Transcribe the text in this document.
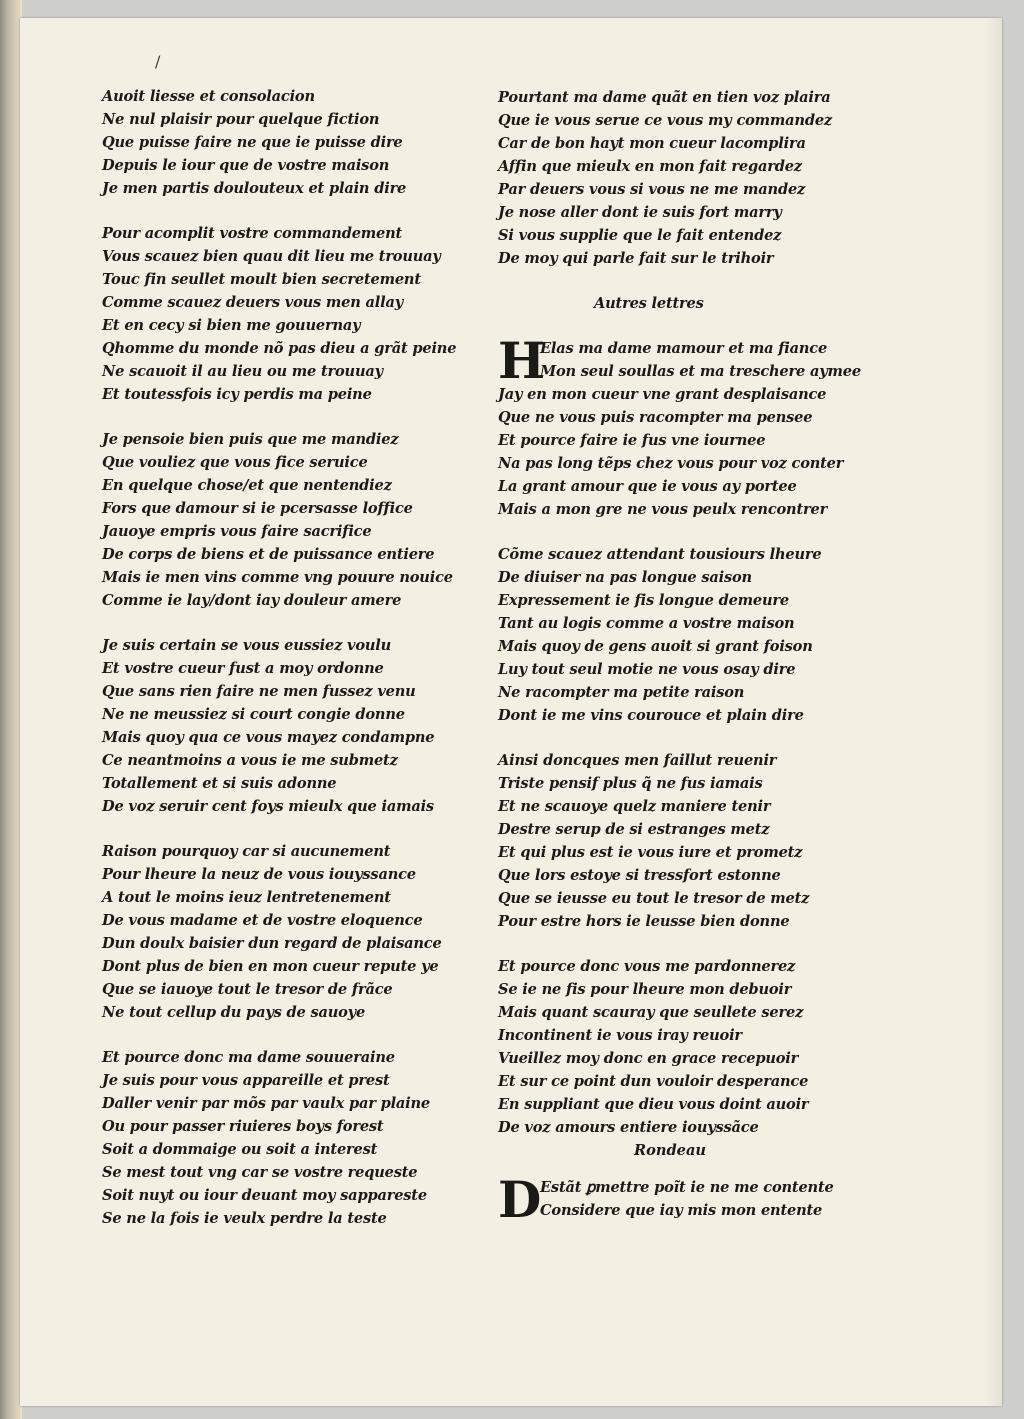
/
Auoit liesse et consolacion
Ne nul plaisir pour quelque fiction
Que puisse faire ne que ie puisse dire
Depuis le iour que de vostre maison
Je men partis doulouteux et plain dire
Pour acomplit vostre commandement
Vous scauez bien quau dit lieu me trouuay
Touc fin seullet moult bien secretement
Comme scauez deuers vous men allay
Et en cecy si bien me gouuernay
Qhomme du monde nõ pas dieu a grãt peine
Ne scauoit il au lieu ou me trouuay
Et toutessfois icy perdis ma peine
Je pensoie bien puis que me mandiez
Que vouliez que vous fice seruice
En quelque chose/et que nentendiez
Fors que damour si ie pcersasse loffice
Jauoye empris vous faire sacrifice
De corps de biens et de puissance entiere
Mais ie men vins comme vng pouure nouice
Comme ie lay/dont iay douleur amere
Je suis certain se vous eussiez voulu
Et vostre cueur fust a moy ordonne
Que sans rien faire ne men fussez venu
Ne ne meussiez si court congie donne
Mais quoy qua ce vous mayez condampne
Ce neantmoins a vous ie me submetz
Totallement et si suis adonne
De voz seruir cent foys mieulx que iamais
Raison pourquoy car si aucunement
Pour lheure la neuz de vous iouyssance
A tout le moins ieuz lentretenement
De vous madame et de vostre eloquence
Dun doulx baisier dun regard de plaisance
Dont plus de bien en mon cueur repute ye
Que se iauoye tout le tresor de frãce
Ne tout cellup du pays de sauoye
Et pource donc ma dame souueraine
Je suis pour vous appareille et prest
Daller venir par mõs par vaulx par plaine
Ou pour passer riuieres boys forest
Soit a dommaige ou soit a interest
Se mest tout vng car se vostre requeste
Soit nuyt ou iour deuant moy sappareste
Se ne la fois ie veulx perdre la teste
Pourtant ma dame quãt en tien voz plaira
Que ie vous serue ce vous my commandez
Car de bon hayt mon cueur lacomplira
Affin que mieulx en mon fait regardez
Par deuers vous si vous ne me mandez
Je nose aller dont ie suis fort marry
Si vous supplie que le fait entendez
De moy qui parle fait sur le trihoir
Autres lettres
H
Elas ma dame mamour et ma fiance
Mon seul soullas et ma treschere aymee
Jay en mon cueur vne grant desplaisance
Que ne vous puis racompter ma pensee
Et pource faire ie fus vne iournee
Na pas long tẽps chez vous pour voz conter
La grant amour que ie vous ay portee
Mais a mon gre ne vous peulx rencontrer
Cõme scauez attendant tousiours lheure
De diuiser na pas longue saison
Expressement ie fis longue demeure
Tant au logis comme a vostre maison
Mais quoy de gens auoit si grant foison
Luy tout seul motie ne vous osay dire
Ne racompter ma petite raison
Dont ie me vins courouce et plain dire
Ainsi doncques men faillut reuenir
Triste pensif plus q̃ ne fus iamais
Et ne scauoye quelz maniere tenir
Destre serup de si estranges metz
Et qui plus est ie vous iure et prometz
Que lors estoye si tressfort estonne
Que se ieusse eu tout le tresor de metz
Pour estre hors ie leusse bien donne
Et pource donc vous me pardonnerez
Se ie ne fis pour lheure mon debuoir
Mais quant scauray que seullete serez
Incontinent ie vous iray reuoir
Vueillez moy donc en grace recepuoir
Et sur ce point dun vouloir desperance
En suppliant que dieu vous doint auoir
De voz amours entiere iouyssãce
Rondeau
D
Estãt ꝑmettre poĩt ie ne me contente
Considere que iay mis mon entente
